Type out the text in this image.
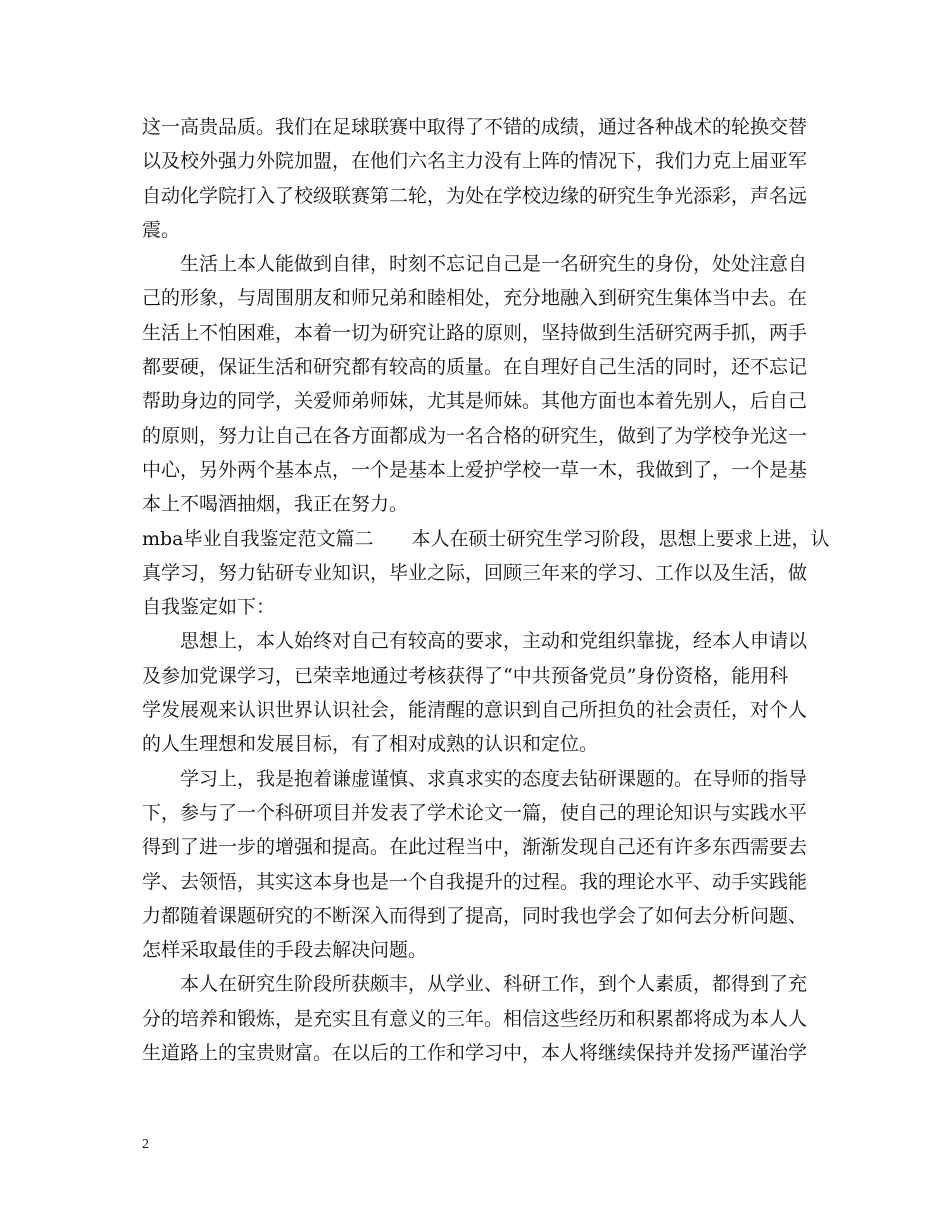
这一高贵品质。我们在足球联赛中取得了不错的成绩，通过各种战术的轮换交替
以及校外强力外院加盟，在他们六名主力没有上阵的情况下，我们力克上届亚军
自动化学院打入了校级联赛第二轮，为处在学校边缘的研究生争光添彩，声名远
震。
生活上本人能做到自律，时刻不忘记自己是一名研究生的身份，处处注意自
己的形象，与周围朋友和师兄弟和睦相处，充分地融入到研究生集体当中去。在
生活上不怕困难，本着一切为研究让路的原则，坚持做到生活研究两手抓，两手
都要硬，保证生活和研究都有较高的质量。在自理好自己生活的同时，还不忘记
帮助身边的同学，关爱师弟师妹，尤其是师妹。其他方面也本着先别人，后自己
的原则，努力让自己在各方面都成为一名合格的研究生，做到了为学校争光这一
中心，另外两个基本点，一个是基本上爱护学校一草一木，我做到了，一个是基
本上不喝酒抽烟，我正在努力。
mba毕业自我鉴定范文篇二　　本人在硕士研究生学习阶段，思想上要求上进，认
真学习，努力钻研专业知识，毕业之际，回顾三年来的学习、工作以及生活，做
自我鉴定如下：
思想上，本人始终对自己有较高的要求，主动和党组织靠拢，经本人申请以
及参加党课学习，已荣幸地通过考核获得了“中共预备党员”身份资格，能用科
学发展观来认识世界认识社会，能清醒的意识到自己所担负的社会责任，对个人
的人生理想和发展目标，有了相对成熟的认识和定位。
学习上，我是抱着谦虚谨慎、求真求实的态度去钻研课题的。在导师的指导
下，参与了一个科研项目并发表了学术论文一篇，使自己的理论知识与实践水平
得到了进一步的增强和提高。在此过程当中，渐渐发现自己还有许多东西需要去
学、去领悟，其实这本身也是一个自我提升的过程。我的理论水平、动手实践能
力都随着课题研究的不断深入而得到了提高，同时我也学会了如何去分析问题、
怎样采取最佳的手段去解决问题。
本人在研究生阶段所获颇丰，从学业、科研工作，到个人素质，都得到了充
分的培养和锻炼，是充实且有意义的三年。相信这些经历和积累都将成为本人人
生道路上的宝贵财富。在以后的工作和学习中，本人将继续保持并发扬严谨治学
2
